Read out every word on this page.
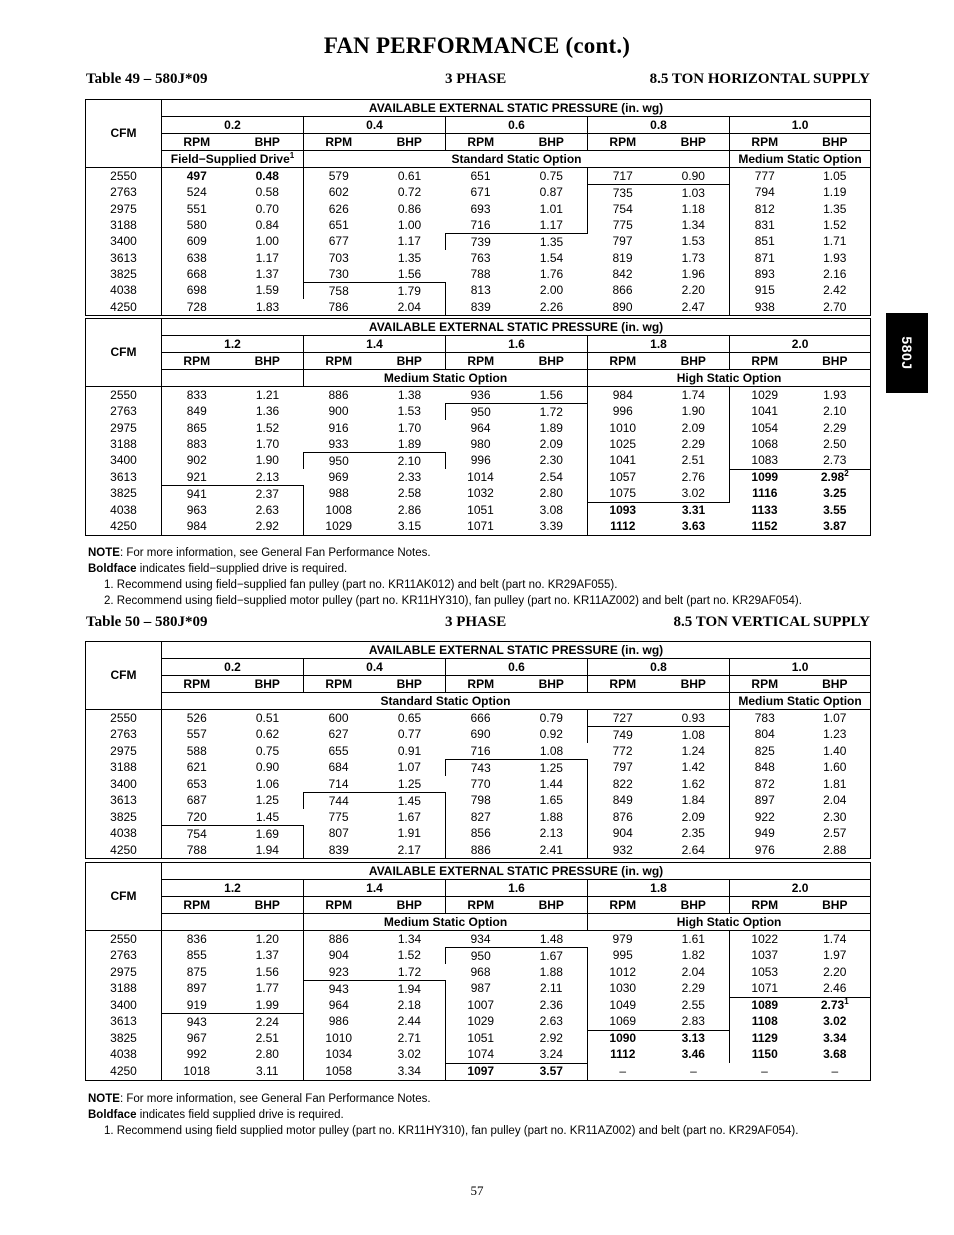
FAN PERFORMANCE (cont.)
580J
Table 49 – 580J*09	3 PHASE	8.5 TON HORIZONTAL SUPPLY
CFM	AVAILABLE EXTERNAL STATIC PRESSURE (in. wg)									
	0.2		0.4		0.6		0.8		1.0	
	RPM	BHP	RPM	BHP	RPM	BHP	RPM	BHP	RPM	BHP
	Field−Supplied Drive$^1$		Standard Static Option						Medium Static Option	
2550	497	0.48	579	0.61	651	0.75	717	0.90	777	1.05
2763	524	0.58	602	0.72	671	0.87	735	1.03	794	1.19
2975	551	0.70	626	0.86	693	1.01	754	1.18	812	1.35
3188	580	0.84	651	1.00	716	1.17	775	1.34	831	1.52
3400	609	1.00	677	1.17	739	1.35	797	1.53	851	1.71
3613	638	1.17	703	1.35	763	1.54	819	1.73	871	1.93
3825	668	1.37	730	1.56	788	1.76	842	1.96	893	2.16
4038	698	1.59	758	1.79	813	2.00	866	2.20	915	2.42
4250	728	1.83	786	2.04	839	2.26	890	2.47	938	2.70
CFM	AVAILABLE EXTERNAL STATIC PRESSURE (in. wg)									
	1.2		1.4		1.6		1.8		2.0	
	RPM	BHP	RPM	BHP	RPM	BHP	RPM	BHP	RPM	BHP
			Medium Static Option				High Static Option			
2550	833	1.21	886	1.38	936	1.56	984	1.74	1029	1.93
2763	849	1.36	900	1.53	950	1.72	996	1.90	1041	2.10
2975	865	1.52	916	1.70	964	1.89	1010	2.09	1054	2.29
3188	883	1.70	933	1.89	980	2.09	1025	2.29	1068	2.50
3400	902	1.90	950	2.10	996	2.30	1041	2.51	1083	2.73
3613	921	2.13	969	2.33	1014	2.54	1057	2.76	1099	2.98$^2$
3825	941	2.37	988	2.58	1032	2.80	1075	3.02	1116	3.25
4038	963	2.63	1008	2.86	1051	3.08	1093	3.31	1133	3.55
4250	984	2.92	1029	3.15	1071	3.39	1112	3.63	1152	3.87
NOTE: For more information, see General Fan Performance Notes.
Boldface indicates field−supplied drive is required.
1. Recommend using field−supplied fan pulley (part no. KR11AK012) and belt (part no. KR29AF055).
2. Recommend using field−supplied motor pulley (part no. KR11HY310), fan pulley (part no. KR11AZ002) and belt (part no. KR29AF054).
Table 50 – 580J*09	3 PHASE	8.5 TON VERTICAL SUPPLY
CFM	AVAILABLE EXTERNAL STATIC PRESSURE (in. wg)									
	0.2		0.4		0.6		0.8		1.0	
	RPM	BHP	RPM	BHP	RPM	BHP	RPM	BHP	RPM	BHP
	Standard Static Option								Medium Static Option	
2550	526	0.51	600	0.65	666	0.79	727	0.93	783	1.07
2763	557	0.62	627	0.77	690	0.92	749	1.08	804	1.23
2975	588	0.75	655	0.91	716	1.08	772	1.24	825	1.40
3188	621	0.90	684	1.07	743	1.25	797	1.42	848	1.60
3400	653	1.06	714	1.25	770	1.44	822	1.62	872	1.81
3613	687	1.25	744	1.45	798	1.65	849	1.84	897	2.04
3825	720	1.45	775	1.67	827	1.88	876	2.09	922	2.30
4038	754	1.69	807	1.91	856	2.13	904	2.35	949	2.57
4250	788	1.94	839	2.17	886	2.41	932	2.64	976	2.88
CFM	AVAILABLE EXTERNAL STATIC PRESSURE (in. wg)									
	1.2		1.4		1.6		1.8		2.0	
	RPM	BHP	RPM	BHP	RPM	BHP	RPM	BHP	RPM	BHP
			Medium Static Option				High Static Option			
2550	836	1.20	886	1.34	934	1.48	979	1.61	1022	1.74
2763	855	1.37	904	1.52	950	1.67	995	1.82	1037	1.97
2975	875	1.56	923	1.72	968	1.88	1012	2.04	1053	2.20
3188	897	1.77	943	1.94	987	2.11	1030	2.29	1071	2.46
3400	919	1.99	964	2.18	1007	2.36	1049	2.55	1089	2.73$^1$
3613	943	2.24	986	2.44	1029	2.63	1069	2.83	1108	3.02
3825	967	2.51	1010	2.71	1051	2.92	1090	3.13	1129	3.34
4038	992	2.80	1034	3.02	1074	3.24	1112	3.46	1150	3.68
4250	1018	3.11	1058	3.34	1097	3.57	–	–	–	–
NOTE: For more information, see General Fan Performance Notes.
Boldface indicates field supplied drive is required.
1. Recommend using field supplied motor pulley (part no. KR11HY310), fan pulley (part no. KR11AZ002) and belt (part no. KR29AF054).
57
